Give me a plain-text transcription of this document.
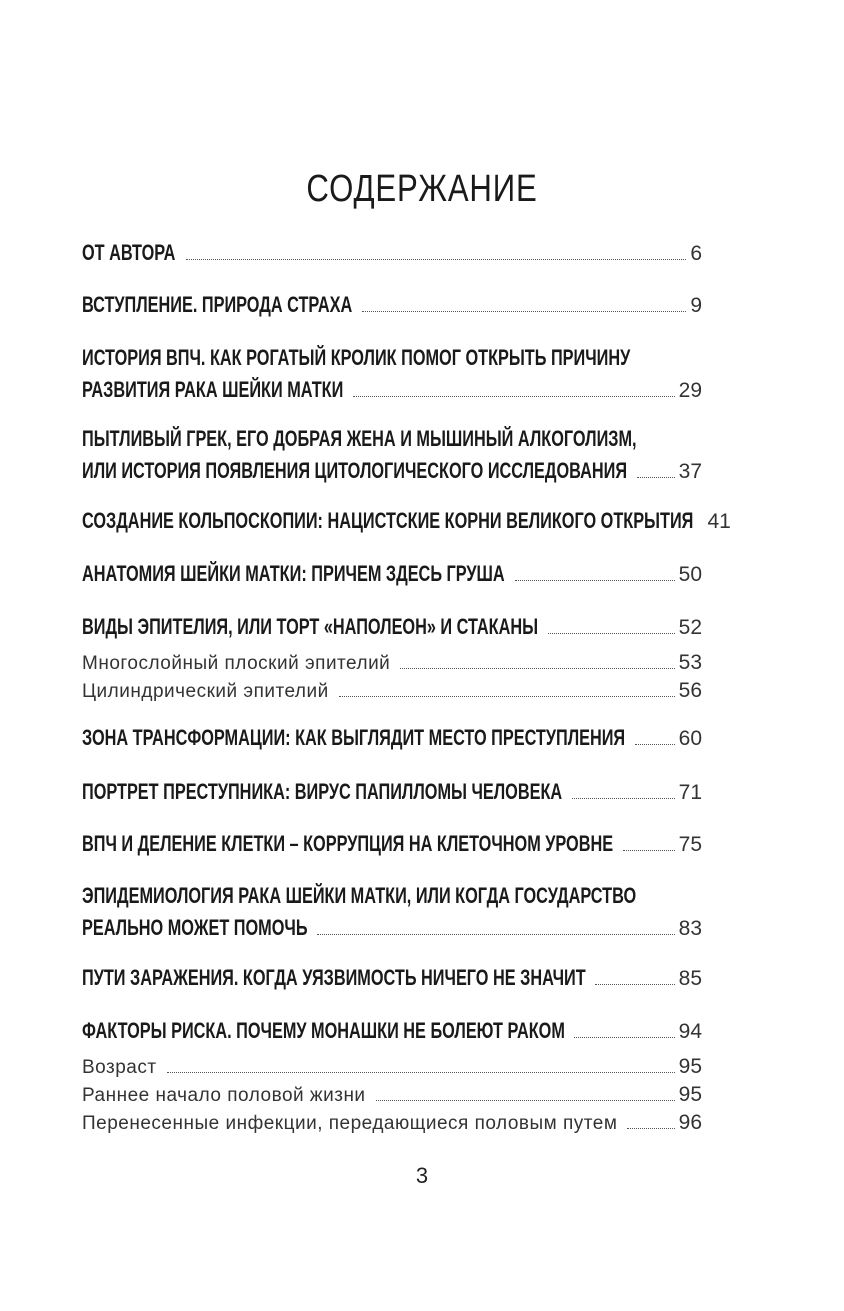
СОДЕРЖАНИЕ
ОТ АВТОРА	6
ВСТУПЛЕНИЕ. ПРИРОДА СТРАХА	9
ИСТОРИЯ ВПЧ. КАК РОГАТЫЙ КРОЛИК ПОМОГ ОТКРЫТЬ ПРИЧИНУ
РАЗВИТИЯ РАКА ШЕЙКИ МАТКИ	29
ПЫТЛИВЫЙ ГРЕК, ЕГО ДОБРАЯ ЖЕНА И МЫШИНЫЙ АЛКОГОЛИЗМ,
ИЛИ ИСТОРИЯ ПОЯВЛЕНИЯ ЦИТОЛОГИЧЕСКОГО ИССЛЕДОВАНИЯ 37
СОЗДАНИЕ КОЛЬПОСКОПИИ: НАЦИСТСКИЕ КОРНИ ВЕЛИКОГО ОТКРЫТИЯ 41
АНАТОМИЯ ШЕЙКИ МАТКИ: ПРИЧЕМ ЗДЕСЬ ГРУША	50
ВИДЫ ЭПИТЕЛИЯ, ИЛИ ТОРТ «НАПОЛЕОН» И СТАКАНЫ	52
Многослойный плоский эпителий	53
Цилиндрический эпителий	56
ЗОНА ТРАНСФОРМАЦИИ: КАК ВЫГЛЯДИТ МЕСТО ПРЕСТУПЛЕНИЯ	60
ПОРТРЕТ ПРЕСТУПНИКА: ВИРУС ПАПИЛЛОМЫ ЧЕЛОВЕКА	71
ВПЧ И ДЕЛЕНИЕ КЛЕТКИ – КОРРУПЦИЯ НА КЛЕТОЧНОМ УРОВНЕ	75
ЭПИДЕМИОЛОГИЯ РАКА ШЕЙКИ МАТКИ, ИЛИ КОГДА ГОСУДАРСТВО
РЕАЛЬНО МОЖЕТ ПОМОЧЬ	83
ПУТИ ЗАРАЖЕНИЯ. КОГДА УЯЗВИМОСТЬ НИЧЕГО НЕ ЗНАЧИТ	85
ФАКТОРЫ РИСКА. ПОЧЕМУ МОНАШКИ НЕ БОЛЕЮТ РАКОМ	94
Возраст	95
Раннее начало половой жизни	95
Перенесенные инфекции, передающиеся половым путем	96
3
